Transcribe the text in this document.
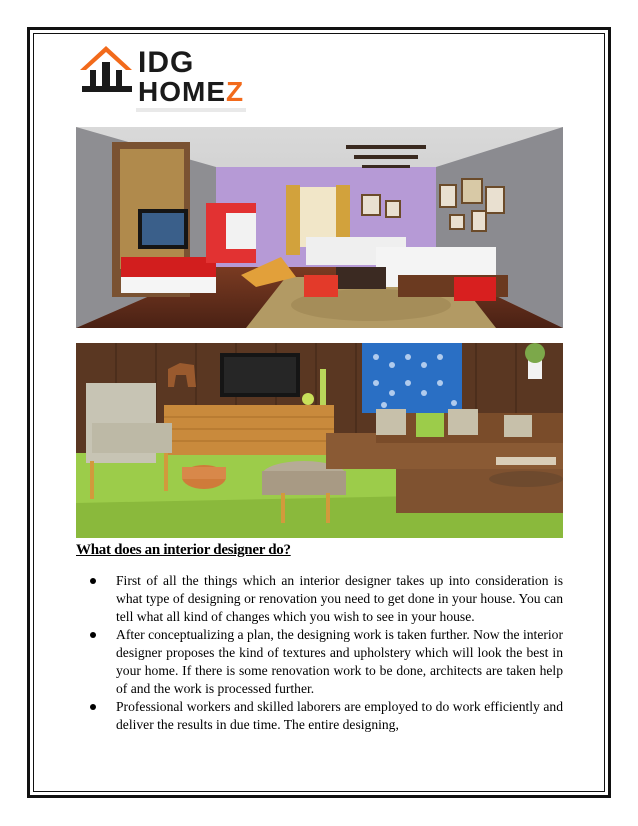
IDG
HOMEZ
What does an interior designer do?
First of all the things which an interior designer takes up into consideration is what type of designing or renovation you need to get done in your house. You can tell what all kind of changes which you wish to see in your house.
After conceptualizing a plan, the designing work is taken further. Now the interior designer proposes the kind of textures and upholstery which will look the best in your home. If there is some renovation work to be done, architects are taken help of and the work is processed further.
Professional workers and skilled laborers are employed to do work efficiently and deliver the results in due time. The entire designing,
